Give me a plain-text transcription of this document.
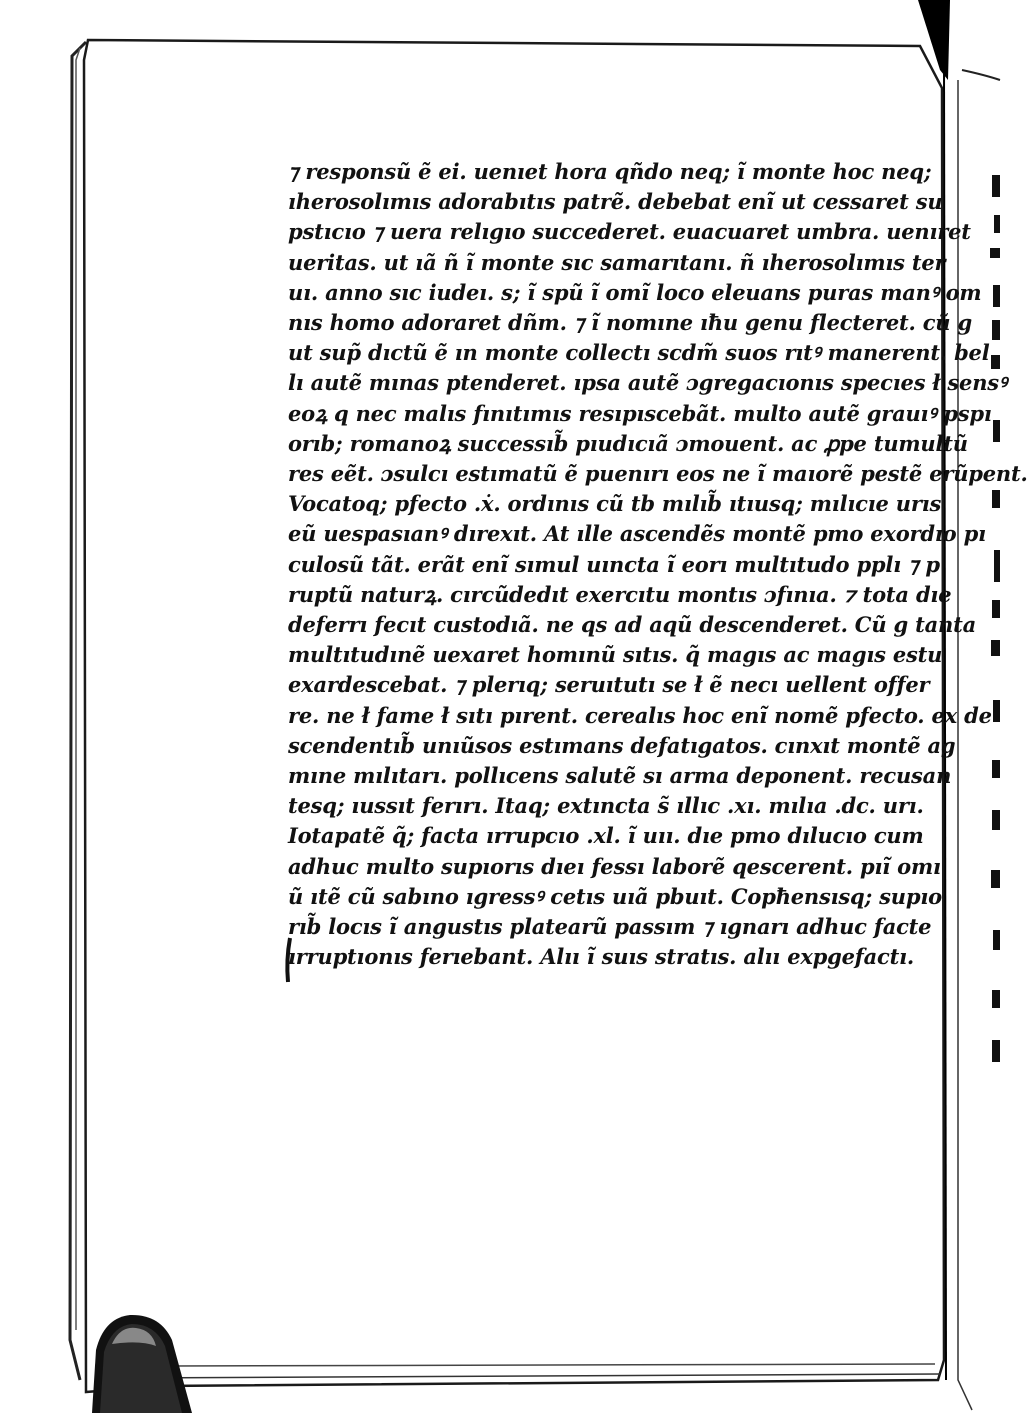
⁊ responsũ ẽ ei. uenıet hora qñdo neq; ı̃ monte hoc neq;
ıherosolımıs adorabıtıs patrẽ. debebat enı̃ ut cessaret su
pstıcıo ⁊ uera relıgıo succederet. euacuaret umbra. uenıret
ueritas. ut ıã ñ ı̃ monte sıc samarıtanı. ñ ıherosolımıs ter
uı. anno sıc iudeı. s; ı̃ spũ ı̃ omı̃ loco eleuans puras manꝰ om
nıs homo adoraret dñm. ⁊ ı̃ nomıne ıħu genu flecteret. cũ g
ut sup̃ dıctũ ẽ ın monte collectı scdm̃ suos rıtꝰ manerent. bel
lı autẽ mınas ptenderet. ıpsa autẽ ɔgregacıonıs specıes ł sensꝰ
eoꝝ q nec malıs fınıtımıs resıpıscebãt. multo autẽ grauıꝰ pspı
orıb; romanoꝝ successıb̃ pıudıcıã ɔmouent. ac ꝓpe tumultũ
res eẽt. ɔsulcı estımatũ ẽ puenırı eos ne ı̃ maıorẽ pestẽ erũpent.
Vocatoq; pfecto .ẋ. ordınıs cũ tb mılıb̃ ıtıusq; mılıcıe urıs
eũ uespasıanꝰ dırexıt. At ılle ascendẽs montẽ pmo exordıo pı
culosũ tãt. erãt enı̃ sımul uıncta ı̃ eorı multıtudo pplı ⁊ p
ruptũ naturꝝ. cırcũdedıt exercıtu montıs ɔfınıa. ⁊ tota dıe
deferrı fecıt custodıã. ne qs ad aqũ descenderet. Cũ g tanta
multıtudınẽ uexaret homınũ sıtıs. q̃ magıs ac magıs estu
exardescebat. ⁊ plerıq; seruıtutı se ł ẽ necı uellent offer
re. ne ł fame ł sıtı pırent. cerealıs hoc enı̃ nomẽ pfecto. ex de
scendentıb̃ unıũsos estımans defatıgatos. cınxıt montẽ ag
mıne mılıtarı. pollıcens salutẽ sı arma deponent. recusan
tesq; ıussıt ferırı. Itaq; extıncta s̃ ıllıc .xı. mılıa .dc. urı.
Iotapatẽ q̃; facta ırrupcıo .xl. ı̃ uıı. dıe pmo dılucıo cum
adhuc multo supıorıs dıeı fessı laborẽ qescerent. pıı̃ omı
ũ ıtẽ cũ sabıno ıgressꝰ cetıs uıã pbuıt. Copħensısq; supıo
rıb̃ locıs ı̃ angustıs platearũ passım ⁊ ıgnarı adhuc facte
ırruptıonıs ferıebant. Alıı ı̃ suıs stratıs. alıı expgefactı.
